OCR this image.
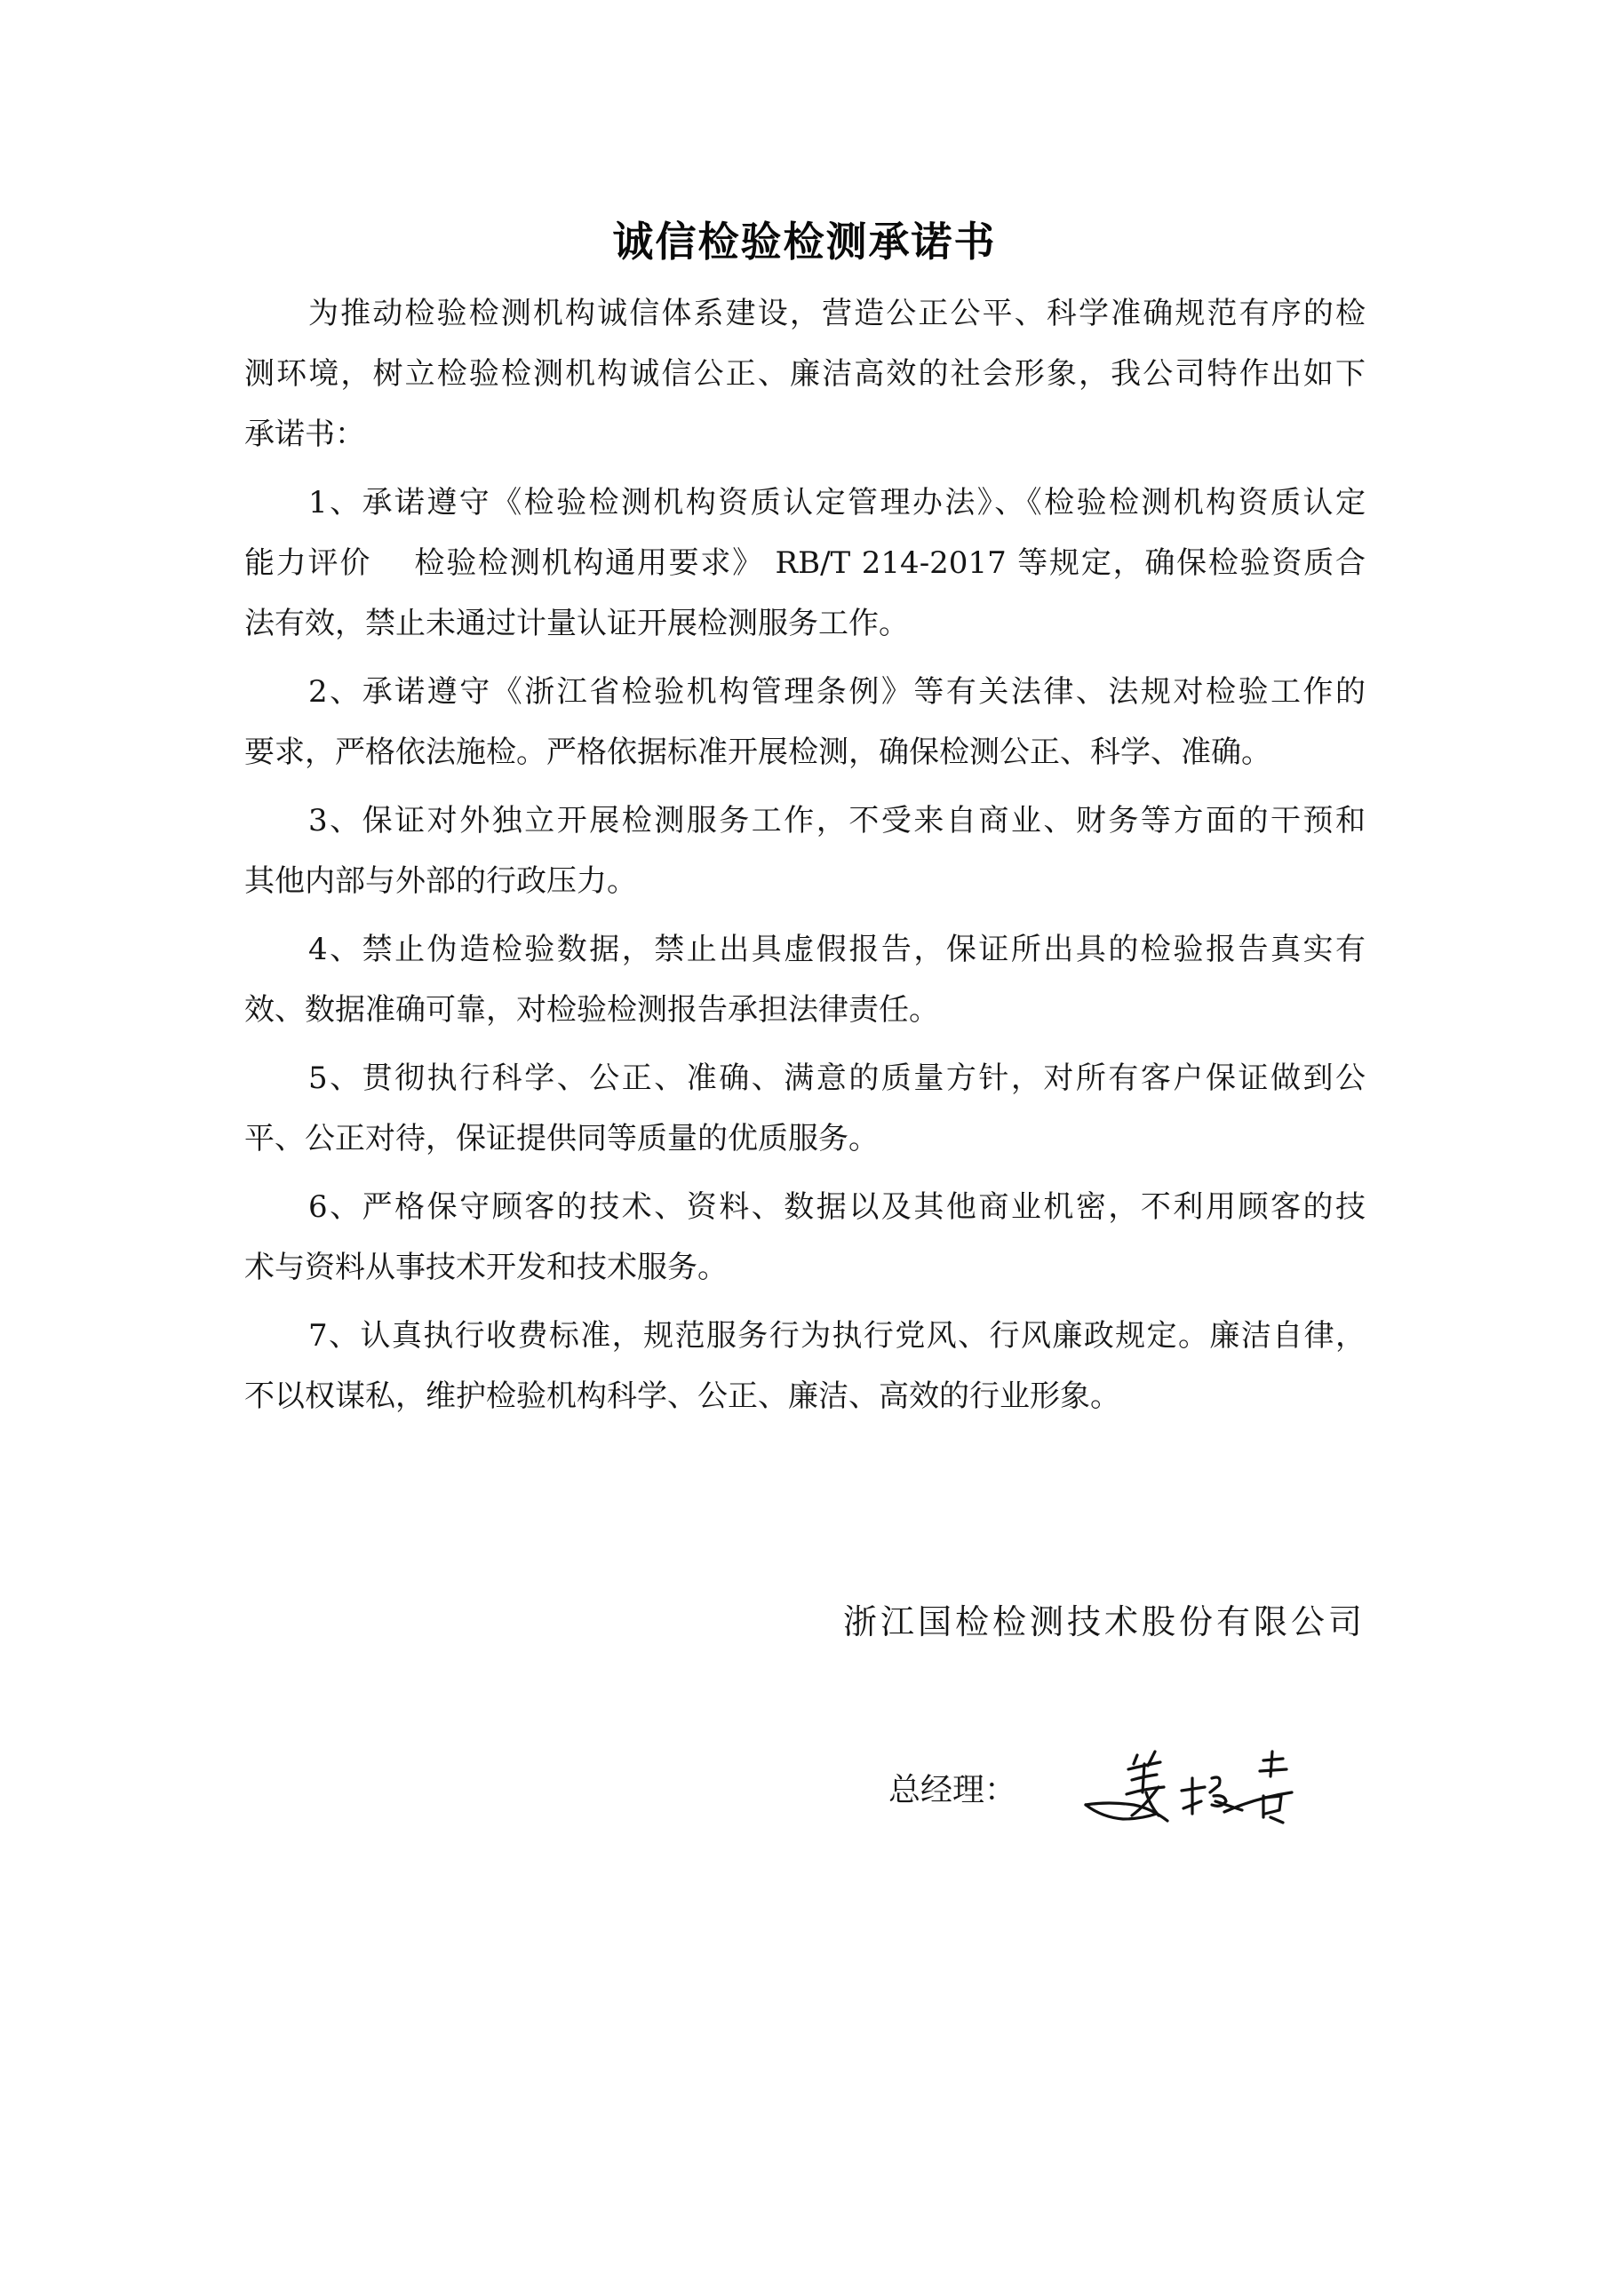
诚信检验检测承诺书
为推动检验检测机构诚信体系建设，营造公正公平、科学准确规范有序的检
测环境，树立检验检测机构诚信公正、廉洁高效的社会形象，我公司特作出如下
承诺书：
1、承诺遵守《检验检测机构资质认定管理办法》、《检验检测机构资质认定
能力评价　 检验检测机构通用要求》 RB/T 214-2017 等规定，确保检验资质合
法有效，禁止未通过计量认证开展检测服务工作。
2、承诺遵守《浙江省检验机构管理条例》等有关法律、法规对检验工作的
要求，严格依法施检。严格依据标准开展检测，确保检测公正、科学、准确。
3、保证对外独立开展检测服务工作，不受来自商业、财务等方面的干预和
其他内部与外部的行政压力。
4、禁止伪造检验数据，禁止出具虚假报告，保证所出具的检验报告真实有
效、数据准确可靠，对检验检测报告承担法律责任。
5、贯彻执行科学、公正、准确、满意的质量方针，对所有客户保证做到公
平、公正对待，保证提供同等质量的优质服务。
6、严格保守顾客的技术、资料、数据以及其他商业机密，不利用顾客的技
术与资料从事技术开发和技术服务。
7、认真执行收费标准，规范服务行为执行党风、行风廉政规定。廉洁自律，
不以权谋私，维护检验机构科学、公正、廉洁、高效的行业形象。
浙江国检检测技术股份有限公司
总经理：
